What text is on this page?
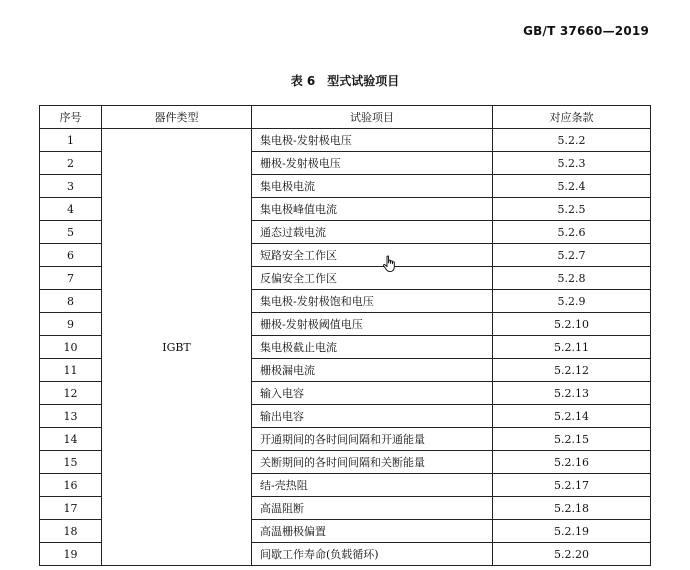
GB/T 37660—2019
表 6 型式试验项目
序号	器件类型	试验项目	对应条款
1	IGBT	集电极-发射极电压	5.2.2
2		栅极-发射极电压	5.2.3
3		集电极电流	5.2.4
4		集电极峰值电流	5.2.5
5		通态过载电流	5.2.6
6		短路安全工作区	5.2.7
7		反偏安全工作区	5.2.8
8		集电极-发射极饱和电压	5.2.9
9		栅极-发射极阈值电压	5.2.10
10		集电极截止电流	5.2.11
11		栅极漏电流	5.2.12
12		输入电容	5.2.13
13		输出电容	5.2.14
14		开通期间的各时间间隔和开通能量	5.2.15
15		关断期间的各时间间隔和关断能量	5.2.16
16		结-壳热阻	5.2.17
17		高温阻断	5.2.18
18		高温栅极偏置	5.2.19
19		间歇工作寿命(负载循环)	5.2.20
